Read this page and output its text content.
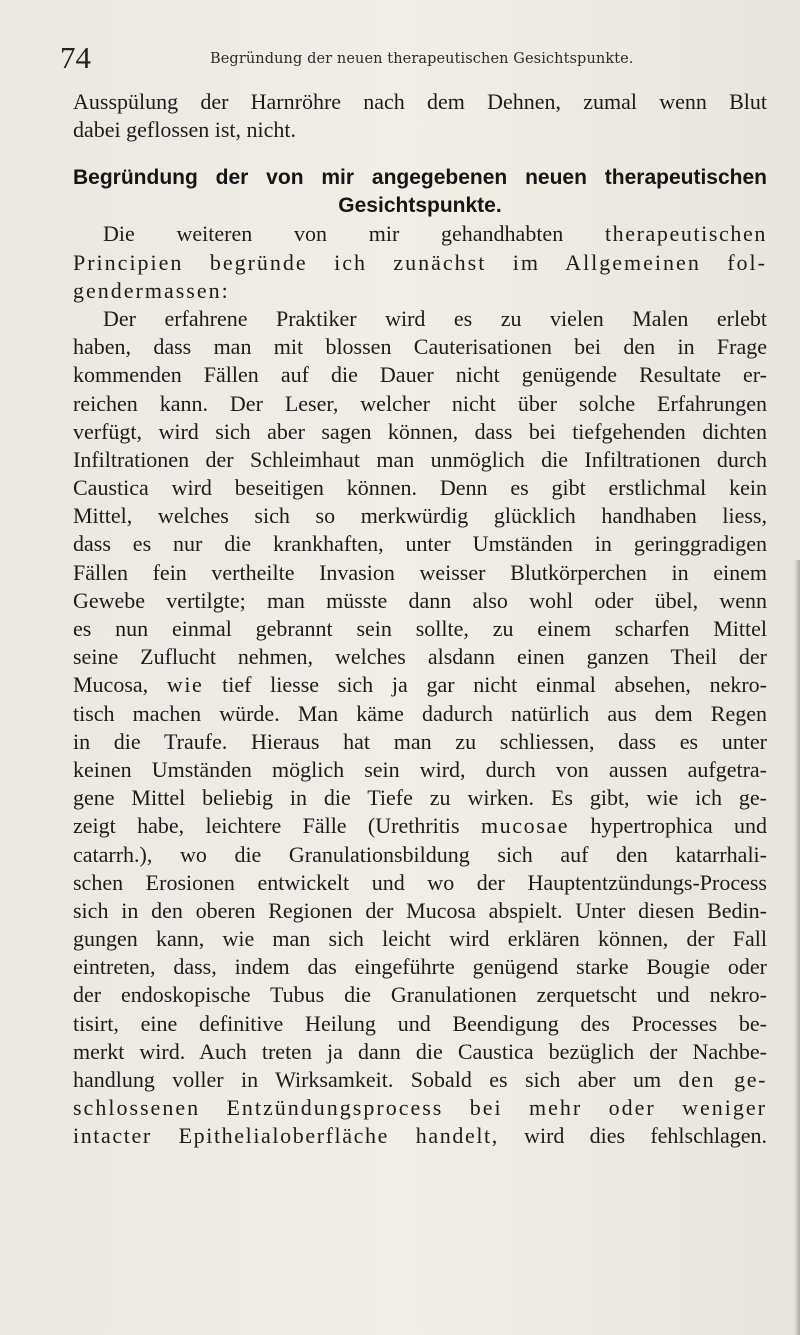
74	Begründung der neuen therapeutischen Gesichtspunkte.
Ausspülung der Harnröhre nach dem Dehnen, zumal wenn Blut
dabei geflossen ist, nicht.
Begründung der von mir angegebenen neuen therapeutischen
Gesichtspunkte.
Die weiteren von mir gehandhabten therapeutischen
Principien begründe ich zunächst im Allgemeinen fol-
gendermassen:
Der erfahrene Praktiker wird es zu vielen Malen erlebt
haben, dass man mit blossen Cauterisationen bei den in Frage
kommenden Fällen auf die Dauer nicht genügende Resultate er-
reichen kann. Der Leser, welcher nicht über solche Erfahrungen
verfügt, wird sich aber sagen können, dass bei tiefgehenden dichten
Infiltrationen der Schleimhaut man unmöglich die Infiltrationen durch
Caustica wird beseitigen können. Denn es gibt erstlichmal kein
Mittel, welches sich so merkwürdig glücklich handhaben liess,
dass es nur die krankhaften, unter Umständen in geringgradigen
Fällen fein vertheilte Invasion weisser Blutkörperchen in einem
Gewebe vertilgte; man müsste dann also wohl oder übel, wenn
es nun einmal gebrannt sein sollte, zu einem scharfen Mittel
seine Zuflucht nehmen, welches alsdann einen ganzen Theil der
Mucosa, wie tief liesse sich ja gar nicht einmal absehen, nekro-
tisch machen würde. Man käme dadurch natürlich aus dem Regen
in die Traufe. Hieraus hat man zu schliessen, dass es unter
keinen Umständen möglich sein wird, durch von aussen aufgetra-
gene Mittel beliebig in die Tiefe zu wirken. Es gibt, wie ich ge-
zeigt habe, leichtere Fälle (Urethritis mucosae hypertrophica und
catarrh.), wo die Granulationsbildung sich auf den katarrhali-
schen Erosionen entwickelt und wo der Hauptentzündungs-Process
sich in den oberen Regionen der Mucosa abspielt. Unter diesen Bedin-
gungen kann, wie man sich leicht wird erklären können, der Fall
eintreten, dass, indem das eingeführte genügend starke Bougie oder
der endoskopische Tubus die Granulationen zerquetscht und nekro-
tisirt, eine definitive Heilung und Beendigung des Processes be-
merkt wird. Auch treten ja dann die Caustica bezüglich der Nachbe-
handlung voller in Wirksamkeit. Sobald es sich aber um den ge-
schlossenen Entzündungsprocess bei mehr oder weniger
intacter Epithelialoberfläche handelt, wird dies fehlschlagen.
